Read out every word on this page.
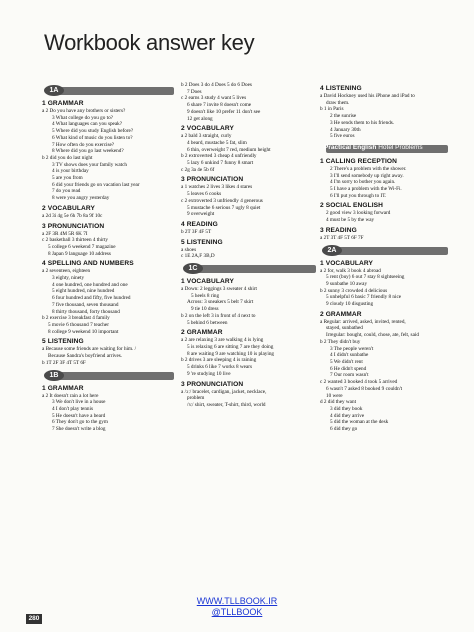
Workbook answer key
1A
1 GRAMMAR
a 2 Do you have any brothers or sisters?
3 What college do you go to?
4 What languages can you speak?
5 Where did you study English before?
6 What kind of music do you listen to?
7 How often do you exercise?
8 Where did you go last weekend?
b 2 did you do last night
3 TV shows does your family watch
4 is your birthday
5 are you from
6 did your friends go on vacation last year
7 do you read
8 were you angry yesterday
2 VOCABULARY
a 2d 3i 4g 5e 6h 7b 8a 9f 10c
3 PRONUNCIATION
a 2F 3R 4M 5R 6K 7I
c 2 basketball 3 thirteen 4 thirty
5 college 6 weekend 7 magazine
8 Japan 9 language 10 address
4 SPELLING AND NUMBERS
a 2 seventeen, eighteen
3 eighty, ninety
4 one hundred, one hundred and one
5 eight hundred, nine hundred
6 four hundred and fifty, five hundred
7 five thousand, seven thousand
8 thirty thousand, forty thousand
b 2 exercise 3 breakfast 4 family
5 movie 6 thousand 7 teacher
8 college 9 weekend 10 important
5 LISTENING
a Because some friends are waiting for him. /
Because Sandra's boyfriend arrives.
b 1T 2F 3F 4T 5T 6F
1B
1 GRAMMAR
a 2 It doesn't rain a lot here
3 We don't live in a house
4 I don't play tennis
5 He doesn't have a beard
6 They don't go to the gym
7 She doesn't write a blog
b 2 Does 3 do 4 Does 5 do 6 Does
7 Does
c 2 earns 3 study 4 want 5 lives
6 share 7 invite 8 doesn't come
9 doesn't like 10 prefer 11 don't see
12 get along
2 VOCABULARY
a 2 bald 3 straight, curly
4 beard, mustache 5 fat, slim
6 thin, overweight 7 red, medium height
b 2 extroverted 3 cheap 4 unfriendly
5 lazy 6 unkind 7 funny 8 smart
c 2g 3a 4e 5b 6f
3 PRONUNCIATION
a 1 watches 2 lives 3 likes 4 stares
5 leaves 6 cooks
c 2 extroverted 3 unfriendly 4 generous
5 mustache 6 serious 7 ugly 8 quiet
9 overweight
4 READING
b 2T 3F 4F 5T
5 LISTENING
a shoes
c 1E 2A,F 3B,D
1C
1 VOCABULARY
a Down: 2 leggings 3 sweater 4 shirt
5 heels 8 ring
Across: 3 sneakers 5 belt 7 skirt
9 tie 10 dress
b 2 on the left 3 in front of 4 next to
5 behind 6 between
2 GRAMMAR
a 2 are relaxing 3 are walking 4 is lying
5 is relaxing 6 are sitting 7 are they doing
8 are waiting 9 are watching 10 is playing
b 2 drives 3 are sleeping 4 is raining
5 drinks 6 like 7 works 8 wears
9 're studying 10 live
3 PRONUNCIATION
a /ɔː/ bracelet, cardigan, jacket, necklace,
problem
/ɜː/ shirt, sweater, T-shirt, third, world
4 LISTENING
a David Hockney used his iPhone and iPad to
draw them.
b 1 in Paris
2 the sunrise
3 He sends them to his friends.
4 January 30th
5 five euros
Practical English Hotel Problems
1 CALLING RECEPTION
2 There's a problem with the shower.
3 I'll send somebody up right away.
4 I'm sorry to bother you again.
5 I have a problem with the Wi-Fi.
6 I'll put you through to IT.
2 SOCIAL ENGLISH
2 good view 3 looking forward
4 must be 5 by the way
3 READING
a 2T 3T 4F 5T 6F 7F
2A
1 VOCABULARY
a 2 for, walk 3 book 4 abroad
5 rent (buy) 6 out 7 stay 8 sightseeing
9 sunbathe 10 away
b 2 sunny 3 crowded 4 delicious
5 unhelpful 6 basic 7 friendly 8 nice
9 cloudy 10 disgusting
2 GRAMMAR
a Regular: arrived, asked, invited, rented,
stayed, sunbathed
Irregular: bought, could, chose, ate, felt, said
b 2 They didn't buy
3 The people weren't
4 I didn't sunbathe
5 We didn't rent
6 He didn't spend
7 Our room wasn't
c 2 wanted 3 booked 4 took 5 arrived
6 wasn't 7 asked 8 booked 9 couldn't
10 were
d 2 did they want
3 did they book
4 did they arrive
5 did the woman at the desk
6 did they go
WWW.TLLBOOK.IR
@TLLBOOK
280
